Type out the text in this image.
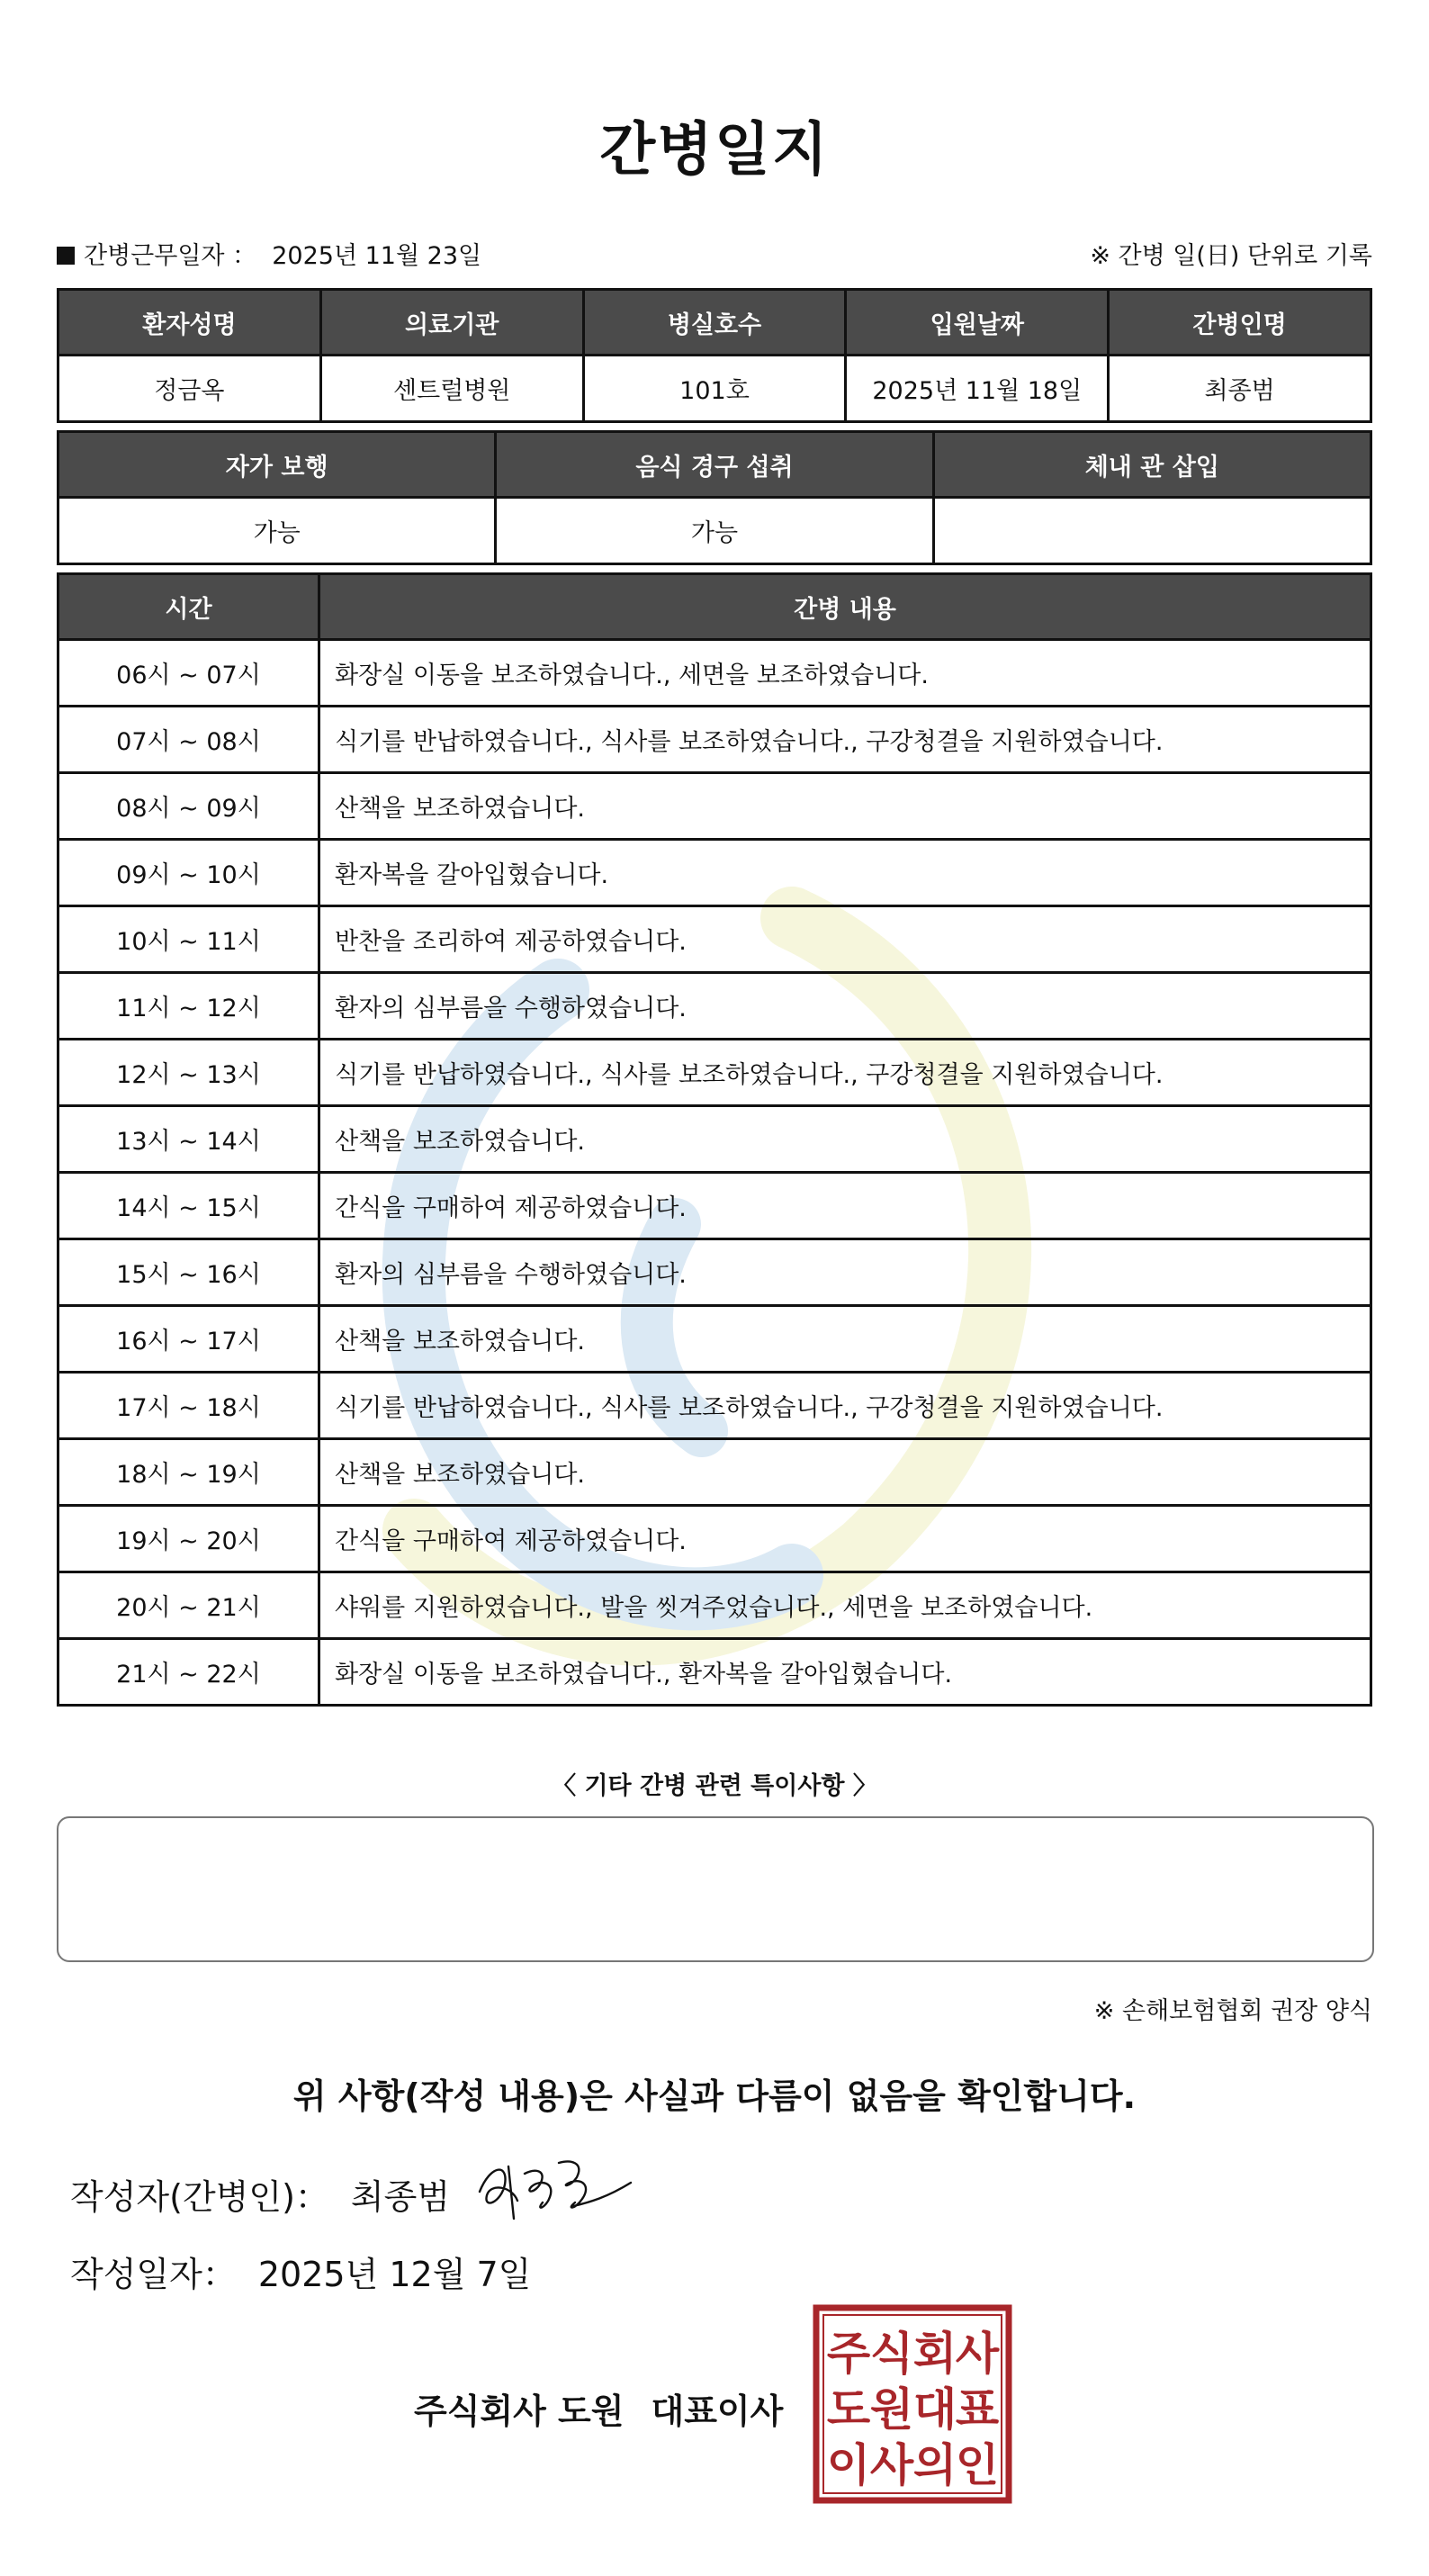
간병일지
간병근무일자 ： 2025년 11월 23일	※ 간병 일(日) 단위로 기록
환자성명	의료기관	병실호수	입원날짜	간병인명
정금옥	센트럴병원	101호	2025년 11월 18일	최종범
자가 보행	음식 경구 섭취	체내 관 삽입
가능	가능	
시간	간병 내용
06시 ~ 07시	화장실 이동을 보조하였습니다., 세면을 보조하였습니다.
07시 ~ 08시	식기를 반납하였습니다., 식사를 보조하였습니다., 구강청결을 지원하였습니다.
08시 ~ 09시	산책을 보조하였습니다.
09시 ~ 10시	환자복을 갈아입혔습니다.
10시 ~ 11시	반찬을 조리하여 제공하였습니다.
11시 ~ 12시	환자의 심부름을 수행하였습니다.
12시 ~ 13시	식기를 반납하였습니다., 식사를 보조하였습니다., 구강청결을 지원하였습니다.
13시 ~ 14시	산책을 보조하였습니다.
14시 ~ 15시	간식을 구매하여 제공하였습니다.
15시 ~ 16시	환자의 심부름을 수행하였습니다.
16시 ~ 17시	산책을 보조하였습니다.
17시 ~ 18시	식기를 반납하였습니다., 식사를 보조하였습니다., 구강청결을 지원하였습니다.
18시 ~ 19시	산책을 보조하였습니다.
19시 ~ 20시	간식을 구매하여 제공하였습니다.
20시 ~ 21시	샤워를 지원하였습니다., 발을 씻겨주었습니다., 세면을 보조하였습니다.
21시 ~ 22시	화장실 이동을 보조하였습니다., 환자복을 갈아입혔습니다.
〈 기타 간병 관련 특이사항 〉
※ 손해보험협회 권장 양식
위 사항(작성 내용)은 사실과 다름이 없음을 확인합니다.
작성자(간병인)： 최종범
작성일자： 2025년 12월 7일
주식회사 도원 대표이사
주 식 회
사
도 원 대
표
이 사 의
인
